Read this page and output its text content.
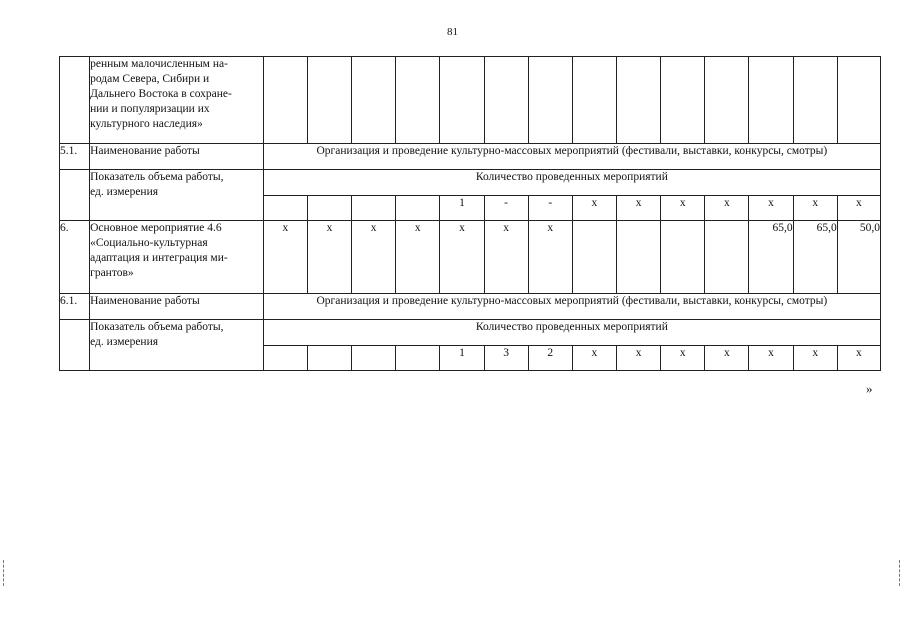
81
	ренным малочисленным на-
родам Севера, Сибири и
Дальнего Востока в сохране-
нии и популяризации их
культурного наследия»														
5.1.	Наименование работы	Организация и проведение культурно-массовых мероприятий (фестивали, выставки, конкурсы, смотры)													
	Показатель объема работы,
ед. измерения	Количество проведенных мероприятий													
						1	-	-	х	х	х	х	х	х	х
6.	Основное мероприятие 4.6
«Социально-культурная
адаптация и интеграция ми-
грантов»	х	х	х	х	х	х	х					65,0	65,0	50,0
6.1.	Наименование работы	Организация и проведение культурно-массовых мероприятий (фестивали, выставки, конкурсы, смотры)													
	Показатель объема работы,
ед. измерения	Количество проведенных мероприятий													
						1	3	2	х	х	х	х	х	х	х
»
